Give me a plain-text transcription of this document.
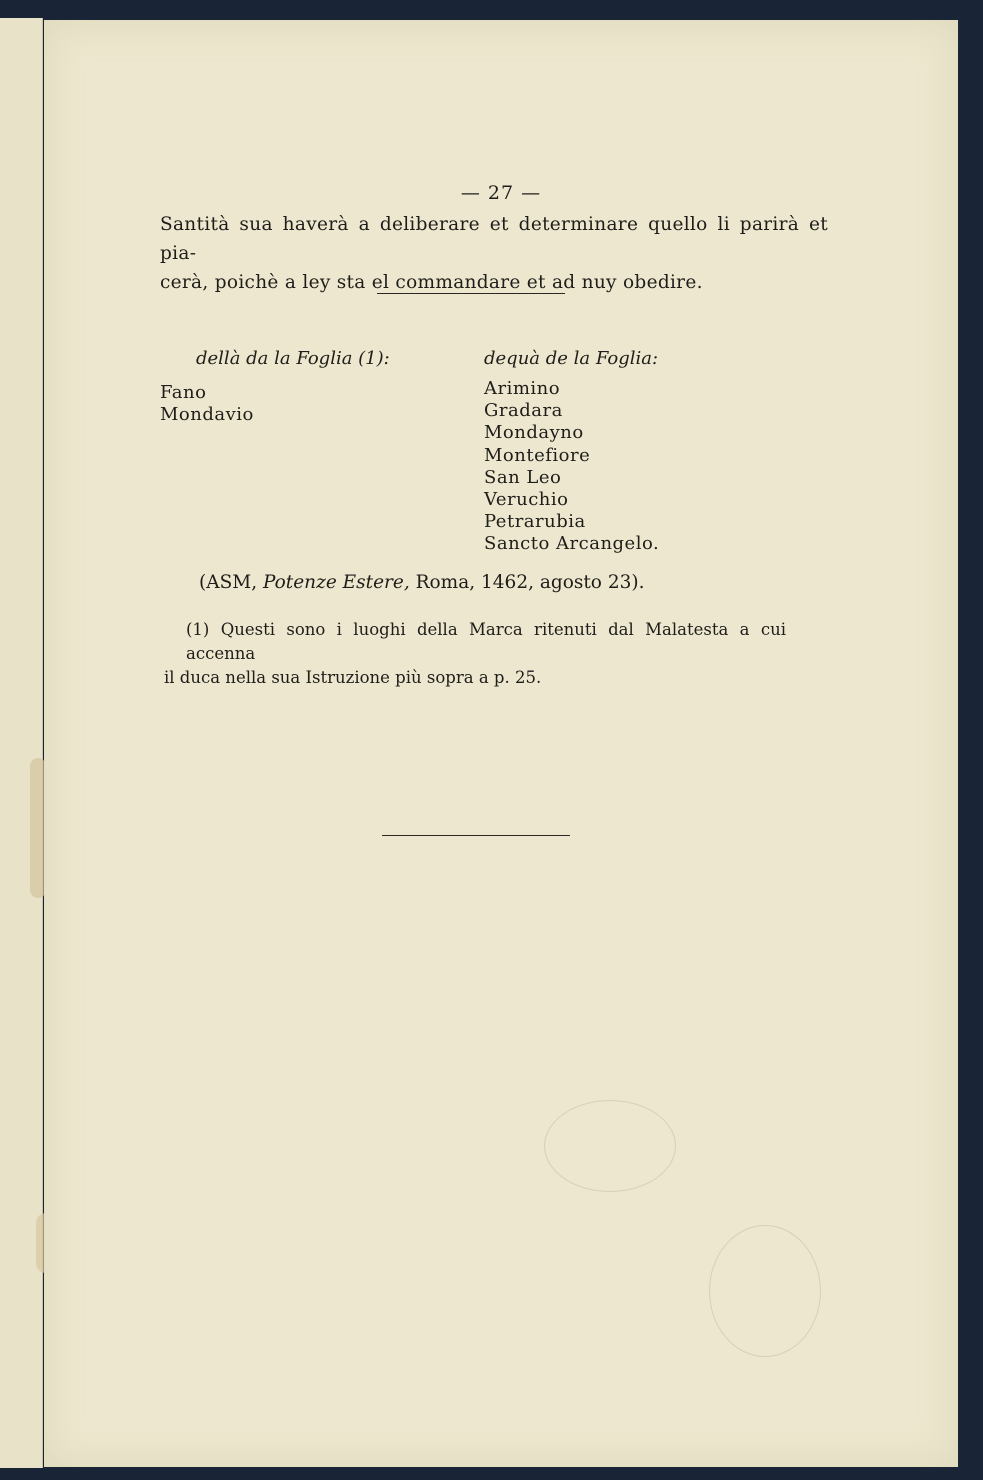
— 27 —
Santità sua haverà a deliberare et determinare quello li parirà et pia-
cerà, poichè a ley sta el commandare et ad nuy obedire.
dellà da la Foglia (1):	dequà de la Foglia:
Fano
Mondavio
Arimino
Gradara
Mondayno
Montefiore
San Leo
Veruchio
Petrarubia
Sancto Arcangelo.
(ASM, Potenze Estere, Roma, 1462, agosto 23).
(1) Questi sono i luoghi della Marca ritenuti dal Malatesta a cui accenna
il duca nella sua Istruzione più sopra a p. 25.
